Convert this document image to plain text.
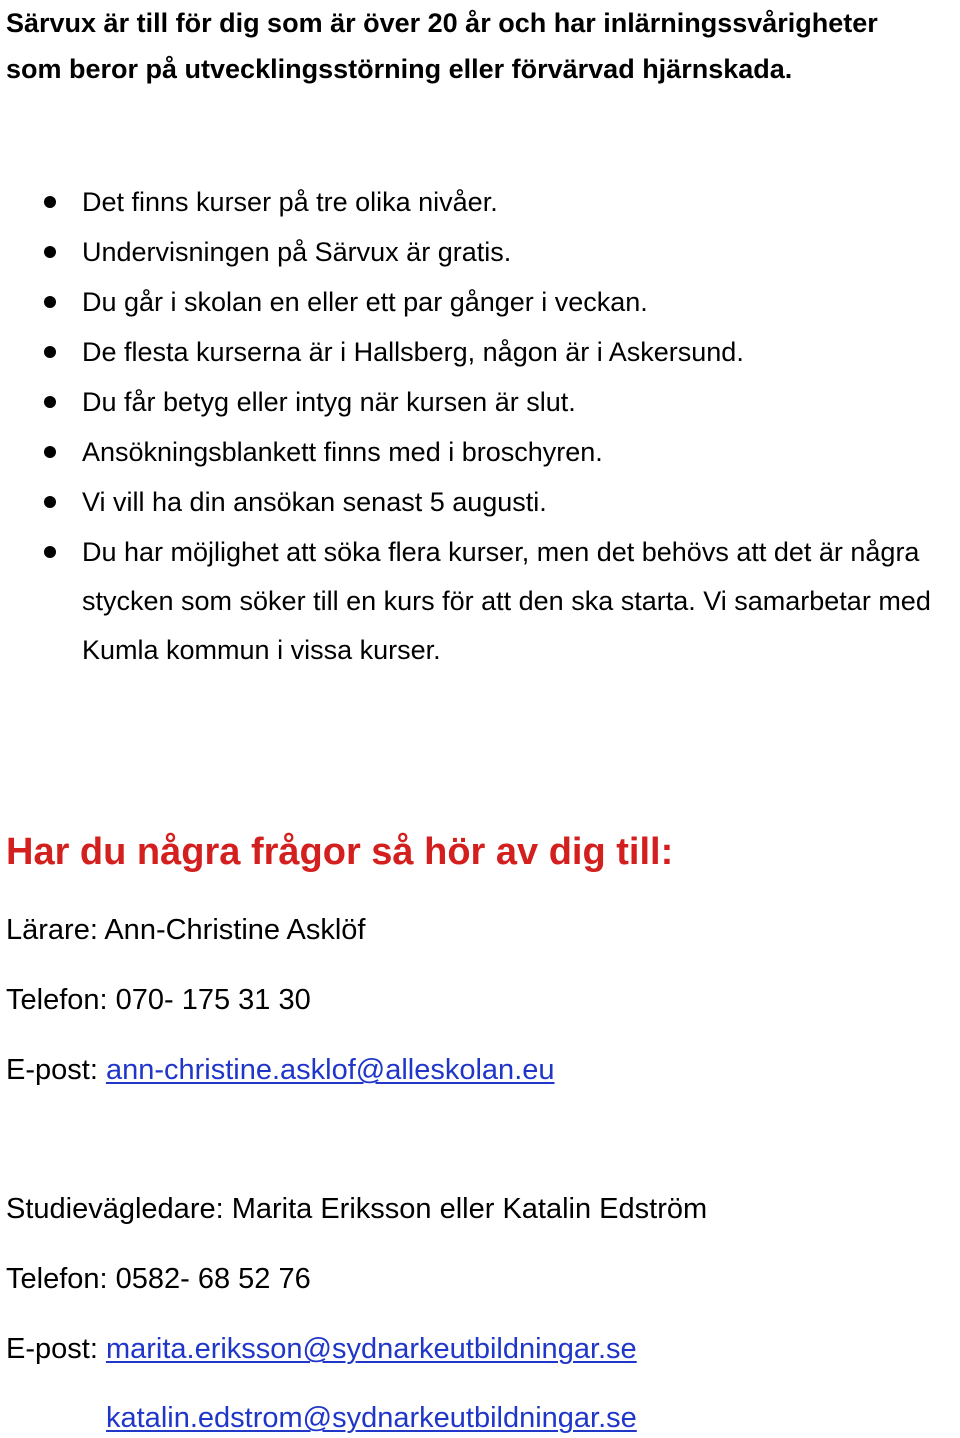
Särvux är till för dig som är över 20 år och har inlärningssvårigheter

som beror på utvecklingsstörning eller förvärvad hjärnskada.

Det finns kurser på tre olika nivåer.
Undervisningen på Särvux är gratis.
Du går i skolan en eller ett par gånger i veckan.
De flesta kurserna är i Hallsberg, någon är i Askersund.
Du får betyg eller intyg när kursen är slut.
Ansökningsblankett finns med i broschyren.
Vi vill ha din ansökan senast 5 augusti.
Du har möjlighet att söka flera kurser, men det behövs att det är några stycken som söker till en kurs för att den ska starta. Vi samarbetar med Kumla kommun i vissa kurser.
Har du några frågor så hör av dig till:
Lärare: Ann-Christine Asklöf
Telefon: 070- 175 31 30
E-post: ann-christine.asklof@alleskolan.eu
Studievägledare: Marita Eriksson eller Katalin Edström
Telefon: 0582- 68 52 76
E-post: marita.eriksson@sydnarkeutbildningar.se
katalin.edstrom@sydnarkeutbildningar.se
